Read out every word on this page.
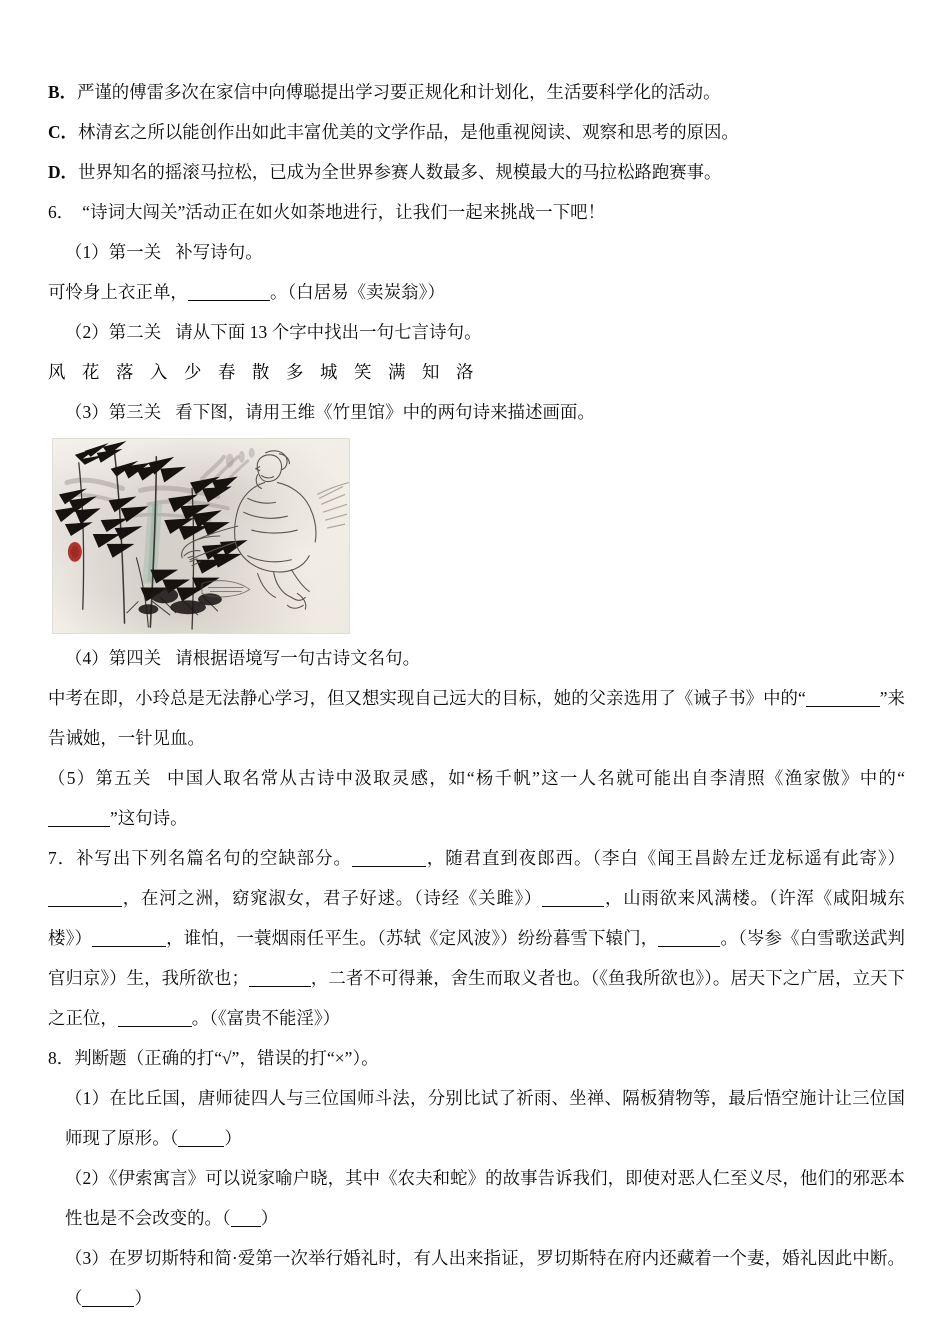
B．严谨的傅雷多次在家信中向傅聪提出学习要正规化和计划化，生活要科学化的活动。
C．林清玄之所以能创作出如此丰富优美的文学作品，是他重视阅读、观察和思考的原因。
D．世界知名的摇滚马拉松，已成为全世界参赛人数最多、规模最大的马拉松路跑赛事。
6． “诗词大闯关”活动正在如火如荼地进行，让我们一起来挑战一下吧！
（1）第一关 补写诗句。
可怜身上衣正单，	。（白居易《卖炭翁》）
（2）第二关 请从下面 13 个字中找出一句七言诗句。
风 花 落 入 少 春 散 多 城 笑 满 知 洛
（3）第三关 看下图，请用王维《竹里馆》中的两句诗来描述画面。
（4）第四关 请根据语境写一句古诗文名句。
中考在即，小玲总是无法静心学习，但又想实现自己远大的目标，她的父亲选用了《诫子书》中的“	”来告诫她，一针见血。
（5）第五关 中国人取名常从古诗中汲取灵感，如“杨千帆”这一人名就可能出自李清照《渔家傲》中的“”这句诗。
7．补写出下列名篇名句的空缺部分。	，随君直到夜郎西。（李白《闻王昌龄左迁龙标遥有此寄》），在河之洲，窈窕淑女，君子好逑。（诗经《关雎》）	，山雨欲来风满楼。（许浑《咸阳城东楼》）	，谁怕，一蓑烟雨任平生。（苏轼《定风波》）纷纷暮雪下辕门，	。（岑参《白雪歌送武判官归京》）生，我所欲也；	，二者不可得兼，舍生而取义者也。（《鱼我所欲也》）。居天下之广居，立天下之正位，	。（《富贵不能淫》）
8．判断题（正确的打“√”，错误的打“×”）。
（1）在比丘国，唐师徒四人与三位国师斗法，分别比试了祈雨、坐禅、隔板猜物等，最后悟空施计让三位国师现了原形。（	）
（2）《伊索寓言》可以说家喻户晓，其中《农夫和蛇》的故事告诉我们，即使对恶人仁至义尽，他们的邪恶本性也是不会改变的。（ ）
（3）在罗切斯特和简·爱第一次举行婚礼时，有人出来指证，罗切斯特在府内还藏着一个妻，婚礼因此中断。（	）
